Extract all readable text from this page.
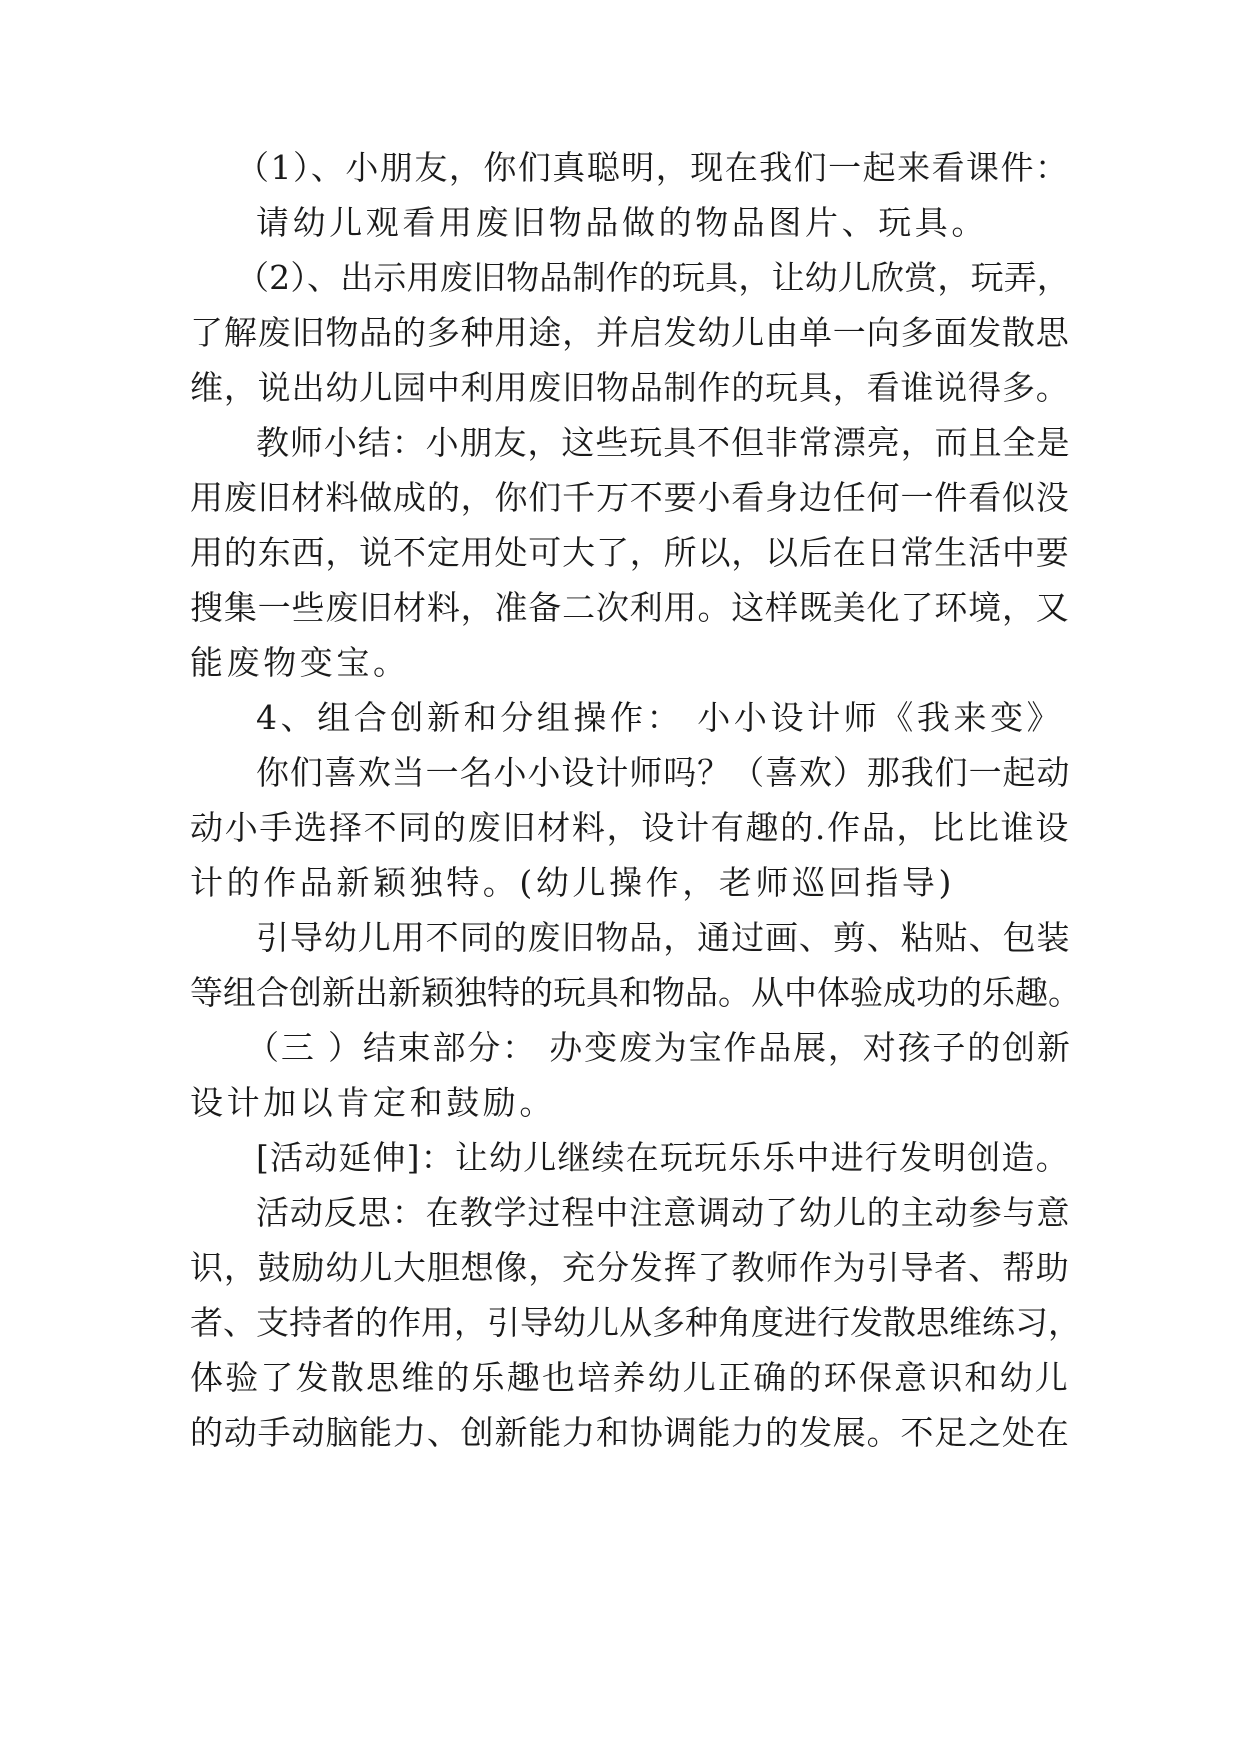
（1）、小朋友，你们真聪明，现在我们一起来看课件：
请幼儿观看用废旧物品做的物品图片、玩具。
（2）、出示用废旧物品制作的玩具，让幼儿欣赏，玩弄，
了解废旧物品的多种用途，并启发幼儿由单一向多面发散思
维，说出幼儿园中利用废旧物品制作的玩具，看谁说得多。
教师小结：小朋友，这些玩具不但非常漂亮，而且全是
用废旧材料做成的，你们千万不要小看身边任何一件看似没
用的东西，说不定用处可大了，所以，以后在日常生活中要
搜集一些废旧材料，准备二次利用。这样既美化了环境，又
能废物变宝。
4、组合创新和分组操作： 小小设计师《我来变》
你们喜欢当一名小小设计师吗？（喜欢）那我们一起动
动小手选择不同的废旧材料，设计有趣的.作品，比比谁设
计的作品新颖独特。(幼儿操作，老师巡回指导)
引导幼儿用不同的废旧物品，通过画、剪、粘贴、包装
等组合创新出新颖独特的玩具和物品。从中体验成功的乐趣。
（三 ）结束部分： 办变废为宝作品展，对孩子的创新
设计加以肯定和鼓励。
[活动延伸]：让幼儿继续在玩玩乐乐中进行发明创造。
活动反思：在教学过程中注意调动了幼儿的主动参与意
识，鼓励幼儿大胆想像，充分发挥了教师作为引导者、帮助
者、支持者的作用，引导幼儿从多种角度进行发散思维练习，
体验了发散思维的乐趣也培养幼儿正确的环保意识和幼儿
的动手动脑能力、创新能力和协调能力的发展。不足之处在
